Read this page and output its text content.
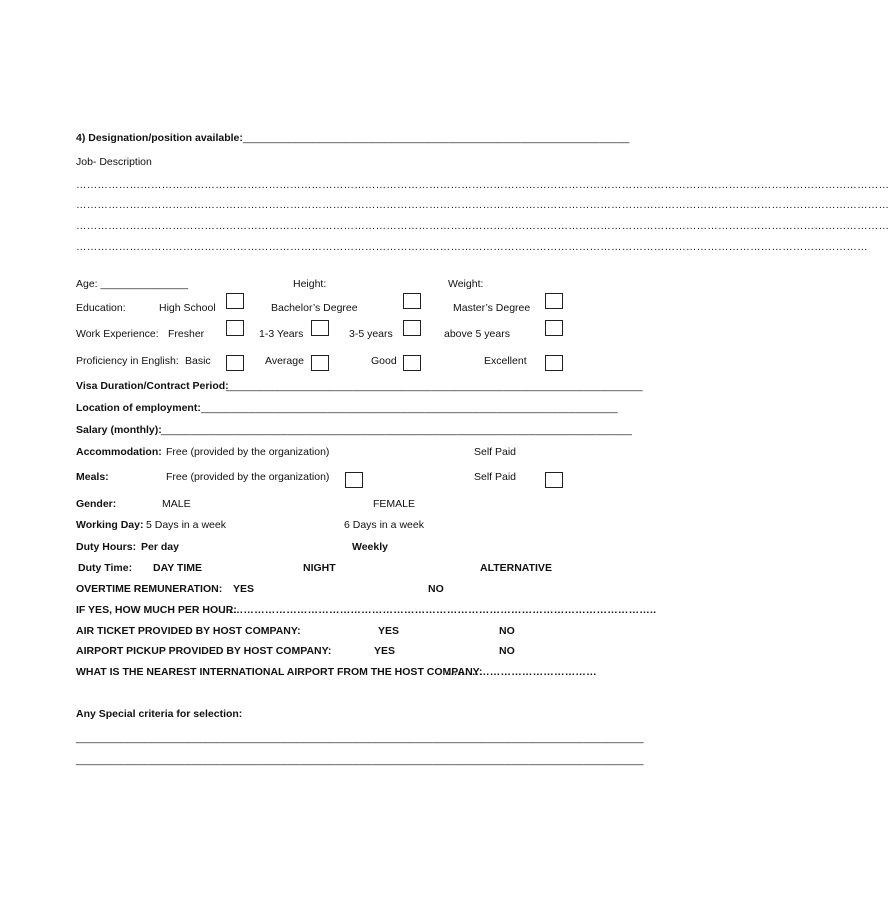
4) Designation/position available: ________________________________________________________________
Job- Description
…………………………………………………………………………………………………………………………………………………………………………………………………………
…………………………………………………………………………………………………………………………………………………………………………………………………………
…………………………………………………………………………………………………………………………………………………………………………………………………………
……………………………………………………………………………………………………………………………………………………………………………………………………
Age: _______________	Height:	Weight:
Education:	High School	Bachelor’s Degree	Master’s Degree
Work Experience: Fresher	1-3 Years	3-5 years	above 5 years
Proficiency in English: Basic	Average	Good	Excellent
Visa Duration/Contract Period:
_____________________________________________________________________
Location of employment: _____________________________________________________________________
Salary (monthly): ______________________________________________________________________________
Accommodation: Free (provided by the organization)	Self Paid
Meals:	Free (provided by the organization)	Self Paid
Gender:	MALE	FEMALE
Working Day: 5 Days in a week	6 Days in a week
Duty Hours: Per day	Weekly
Duty Time: DAY TIME	NIGHT	ALTERNATIVE
OVERTIME REMUNERATION: YES	NO
IF YES, HOW MUCH PER HOUR:
…………………………………………………………………………………………………………..
AIR TICKET PROVIDED BY HOST COMPANY:	YES	NO
AIRPORT PICKUP PROVIDED BY HOST COMPANY:	YES	NO
WHAT IS THE NEAREST INTERNATIONAL AIRPORT FROM THE HOST COMPANY:
……………………………………
Any Special criteria for selection:
______________________________________________________________________________________________
______________________________________________________________________________________________
